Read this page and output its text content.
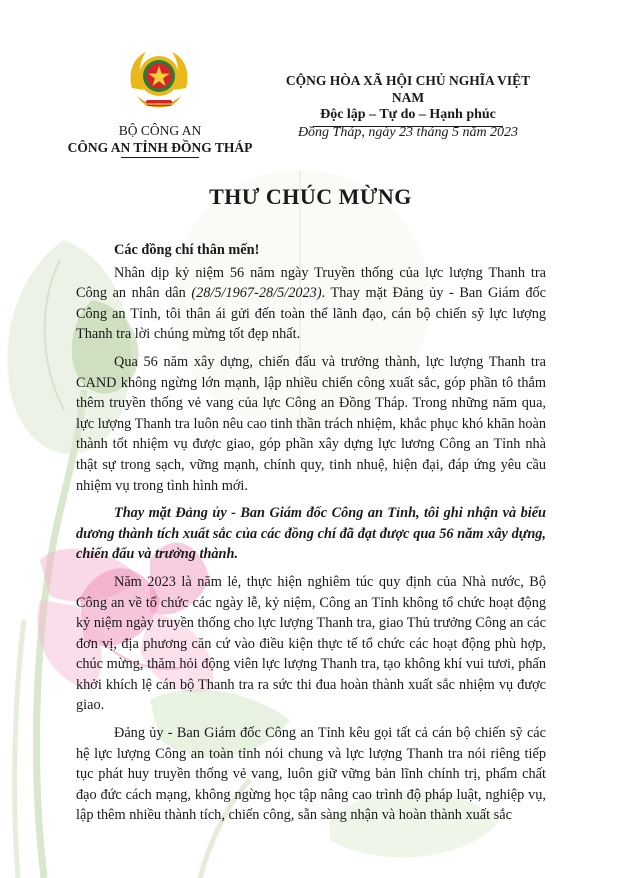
BỘ CÔNG AN
CÔNG AN TỈNH ĐỒNG THÁP
CỘNG HÒA XÃ HỘI CHỦ NGHĨA VIỆT NAM
Độc lập – Tự do – Hạnh phúc
Đồng Tháp, ngày 23 tháng 5 năm 2023
THƯ CHÚC MỪNG

Các đồng chí thân mến!

Nhân dịp kỷ niệm 56 năm ngày Truyền thống của lực lượng Thanh tra Công an nhân dân (28/5/1967-28/5/2023). Thay mặt Đảng ủy - Ban Giám đốc Công an Tỉnh, tôi thân ái gửi đến toàn thể lãnh đạo, cán bộ chiến sỹ lực lượng Thanh tra lời chúng mừng tốt đẹp nhất.

Qua 56 năm xây dựng, chiến đấu và trưởng thành, lực lượng Thanh tra CAND không ngừng lớn mạnh, lập nhiều chiến công xuất sắc, góp phần tô thắm thêm truyền thống vẻ vang của lực Công an Đồng Tháp. Trong những năm qua, lực lượng Thanh tra luôn nêu cao tinh thần trách nhiệm, khắc phục khó khăn hoàn thành tốt nhiệm vụ được giao, góp phần xây dựng lực lương Công an Tỉnh nhà thật sự trong sạch, vững mạnh, chính quy, tinh nhuệ, hiện đại, đáp ứng yêu cầu nhiệm vụ trong tình hình mới.

Thay mặt Đảng ủy - Ban Giám đốc Công an Tỉnh, tôi ghi nhận và biểu dương thành tích xuất sắc của các đồng chí đã đạt được qua 56 năm xây dựng, chiến đấu và trưởng thành.

Năm 2023 là năm lẻ, thực hiện nghiêm túc quy định của Nhà nước, Bộ Công an về tổ chức các ngày lễ, kỷ niệm, Công an Tỉnh không tổ chức hoạt động kỷ niệm ngày truyền thống cho lực lượng Thanh tra, giao Thủ trưởng Công an các đơn vị, địa phương căn cứ vào điều kiện thực tế tổ chức các hoạt động phù hợp, chúc mừng, thăm hỏi động viên lực lượng Thanh tra, tạo không khí vui tươi, phấn khởi khích lệ cán bộ Thanh tra ra sức thi đua hoàn thành xuất sắc nhiệm vụ được giao.

Đảng ủy - Ban Giám đốc Công an Tỉnh kêu gọi tất cả cán bộ chiến sỹ các hệ lực lượng Công an toàn tỉnh nói chung và lực lượng Thanh tra nói riêng tiếp tục phát huy truyền thống vẻ vang, luôn giữ vững bản lĩnh chính trị, phẩm chất đạo đức cách mạng, không ngừng học tập nâng cao trình độ pháp luật, nghiệp vụ, lập thêm nhiều thành tích, chiến công, sẵn sàng nhận và hoàn thành xuất sắc
